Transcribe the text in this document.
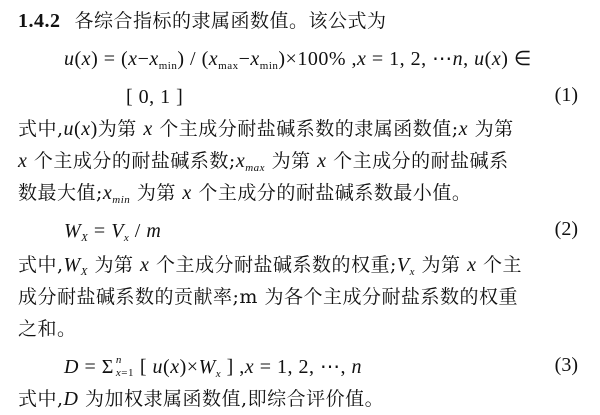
1.4.2 各综合指标的隶属函数值。该公式为
$u(x) = (x-x_{min}) / (x_{max}-x_{min})\times 100\%$ ,x = 1, 2, ⋯n, u(x) ∈
[ 0, 1 ]	(1)
式中,u(x)为第 x 个主成分耐盐碱系数的隶属函数值;x 为第
x 个主成分的耐盐碱系数$;x_{max}$ 为第 x 个主成分的耐盐碱系
数最大值$;x_{min}$ 为第 x 个主成分的耐盐碱系数最小值。
$W_X = V_x / m$	(2)
式中$,W_X$ 为第 x 个主成分耐盐碱系数的权重$;V_x$ 为第 x 个主
成分耐盐碱系数的贡献率;m 为各个主成分耐盐系数的权重
之和。
D = Σ n
x=1 [ $u(x)\times W_x$ ] ,x = 1, 2, ⋯, n	(3)
式中,D 为加权隶属函数值,即综合评价值。
